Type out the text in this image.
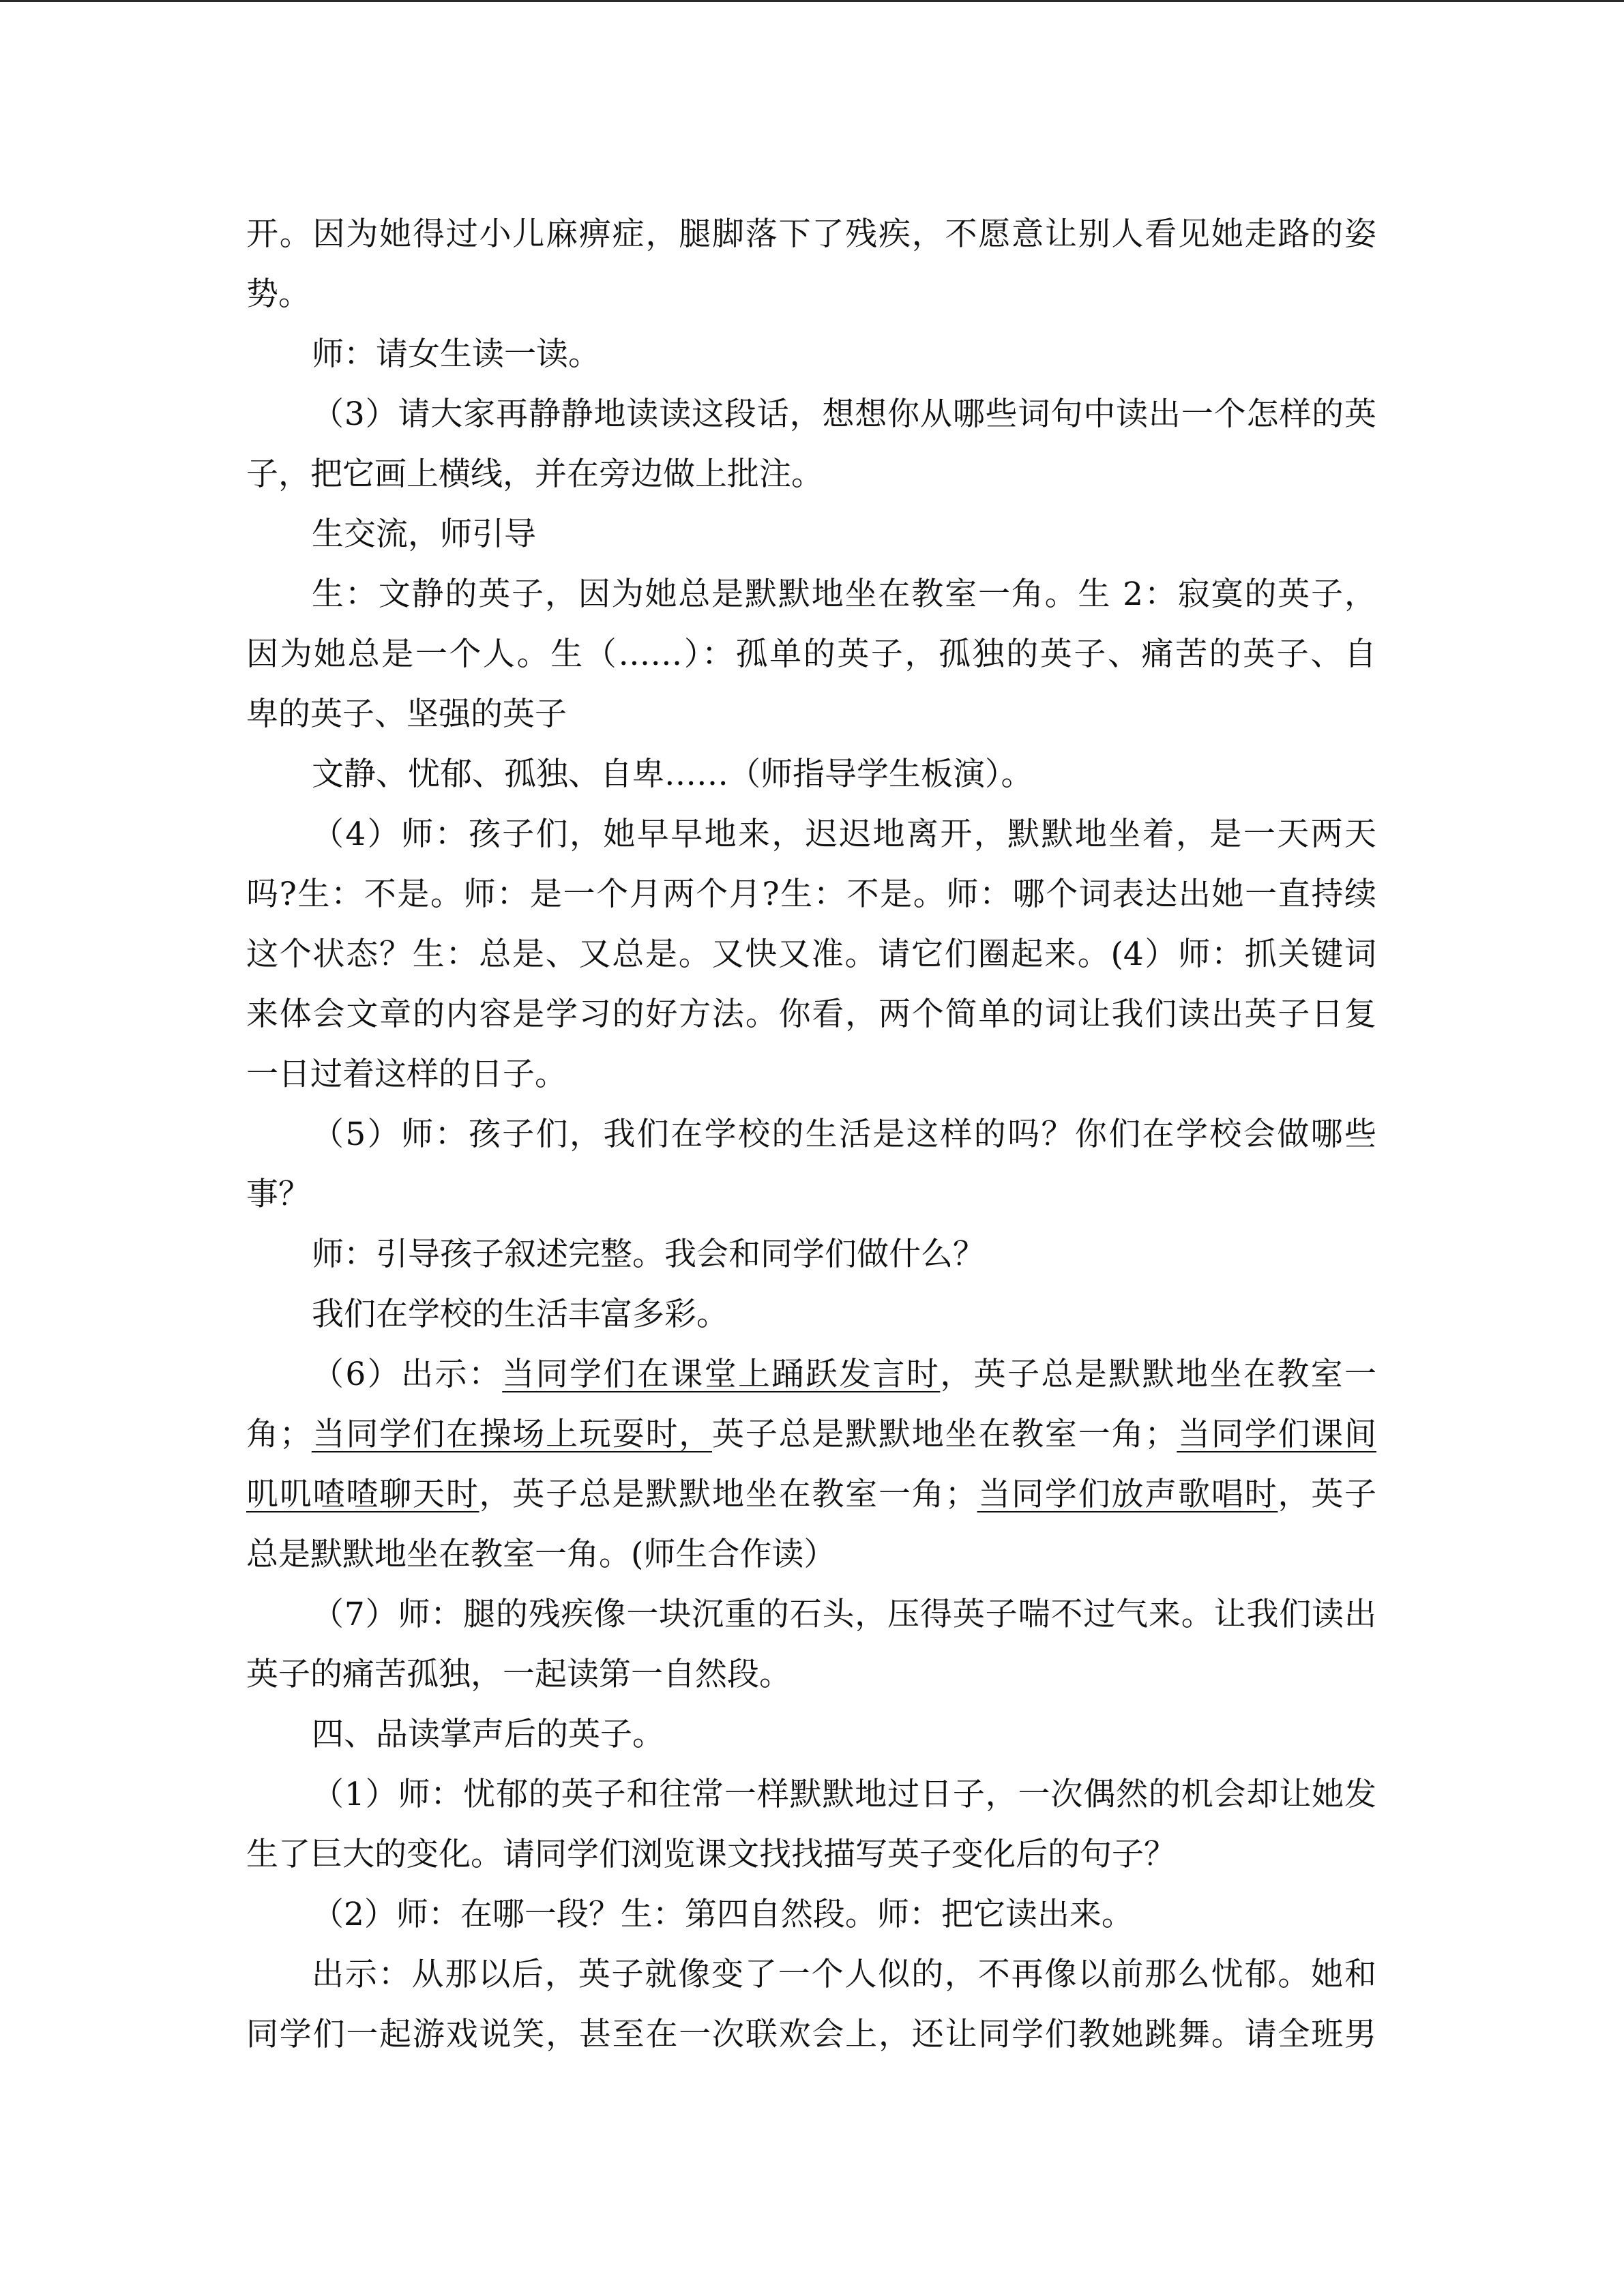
开。因为她得过小儿麻痹症，腿脚落下了残疾，不愿意让别人看见她走路的姿
势。
师：请女生读一读。
（3）请大家再静静地读读这段话，想想你从哪些词句中读出一个怎样的英
子，把它画上横线，并在旁边做上批注。
生交流，师引导
生：文静的英子，因为她总是默默地坐在教室一角。生 2：寂寞的英子，
因为她总是一个人。生（……）：孤单的英子，孤独的英子、痛苦的英子、自
卑的英子、坚强的英子
文静、忧郁、孤独、自卑……（师指导学生板演）。
（4）师：孩子们，她早早地来，迟迟地离开，默默地坐着，是一天两天
吗?生：不是。师：是一个月两个月?生：不是。师：哪个词表达出她一直持续
这个状态？生：总是、又总是。又快又准。请它们圈起来。(4）师：抓关键词
来体会文章的内容是学习的好方法。你看，两个简单的词让我们读出英子日复
一日过着这样的日子。
（5）师：孩子们，我们在学校的生活是这样的吗？你们在学校会做哪些
事？
师：引导孩子叙述完整。我会和同学们做什么？
我们在学校的生活丰富多彩。
（6）出示：当同学们在课堂上踊跃发言时，英子总是默默地坐在教室一
角；当同学们在操场上玩耍时，英子总是默默地坐在教室一角；当同学们课间
叽叽喳喳聊天时，英子总是默默地坐在教室一角；当同学们放声歌唱时，英子
总是默默地坐在教室一角。(师生合作读）
（7）师：腿的残疾像一块沉重的石头，压得英子喘不过气来。让我们读出
英子的痛苦孤独，一起读第一自然段。
四、品读掌声后的英子。
（1）师：忧郁的英子和往常一样默默地过日子，一次偶然的机会却让她发
生了巨大的变化。请同学们浏览课文找找描写英子变化后的句子？
（2）师：在哪一段？生：第四自然段。师：把它读出来。
出示：从那以后，英子就像变了一个人似的，不再像以前那么忧郁。她和
同学们一起游戏说笑，甚至在一次联欢会上，还让同学们教她跳舞。请全班男
